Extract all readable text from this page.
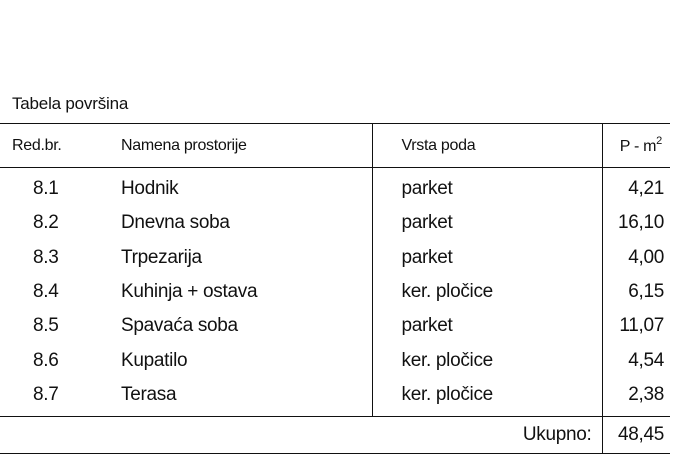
Tabela površina
Red.br.	Namena prostorije	Vrsta poda	P - $m^2$
8.1	Hodnik	parket	4,21
8.2	Dnevna soba	parket	16,10
8.3	Trpezarija	parket	4,00
8.4	Kuhinja + ostava	ker. pločice	6,15
8.5	Spavaća soba	parket	11,07
8.6	Kupatilo	ker. pločice	4,54
8.7	Terasa	ker. pločice	2,38
Ukupno:			48,45
